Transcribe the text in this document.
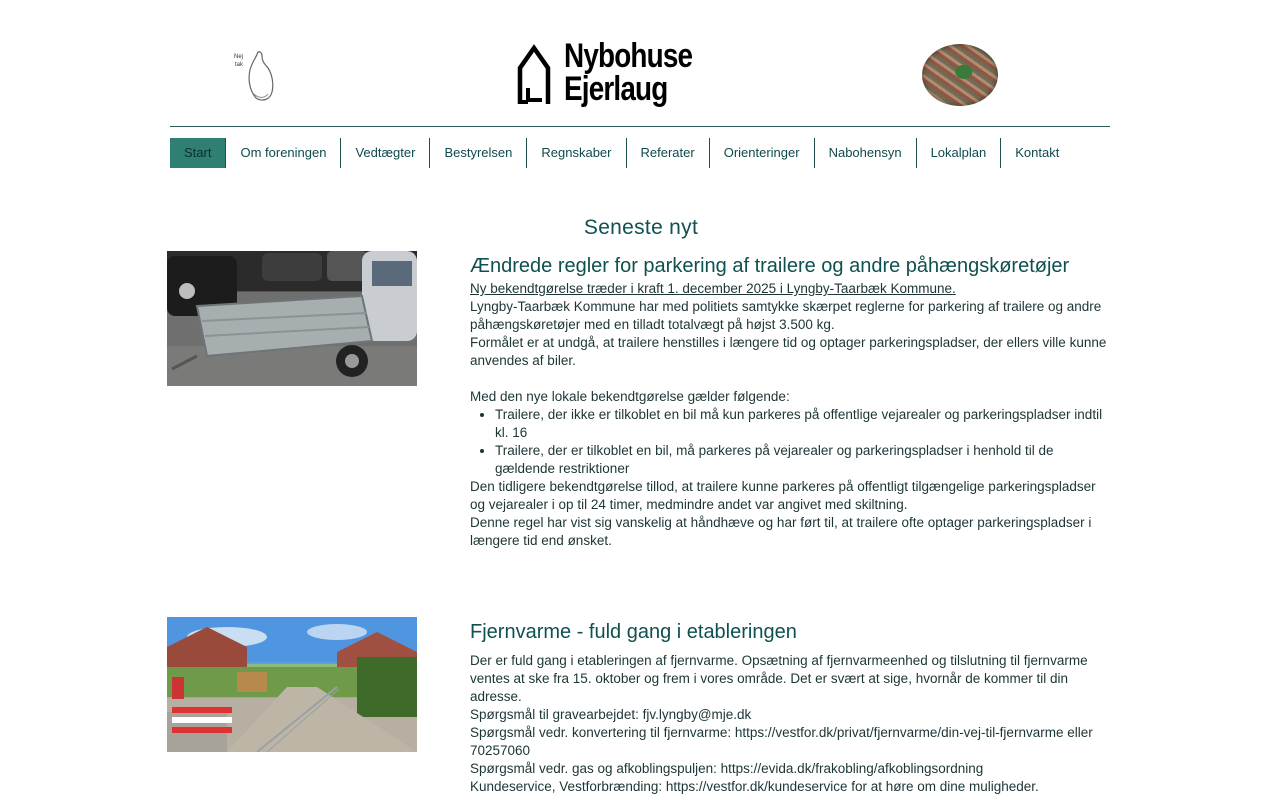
Nej
tak	Nybohuse
Ejerlaug
Start	Om foreningen	Vedtægter	Bestyrelsen	Regnskaber	Referater	Orienteringer	Nabohensyn	Lokalplan	Kontakt
Seneste nyt
Ændrede regler for parkering af trailere og andre påhængskøretøjer

Ny bekendtgørelse træder i kraft 1. december 2025 i Lyngby-Taarbæk Kommune.

Lyngby-Taarbæk Kommune har med politiets samtykke skærpet reglerne for parkering af trailere og andre påhængskøretøjer med en tilladt totalvægt på højst 3.500 kg.

Formålet er at undgå, at trailere henstilles i længere tid og optager parkeringspladser, der ellers ville kunne anvendes af biler.

Med den nye lokale bekendtgørelse gælder følgende:

• Trailere, der ikke er tilkoblet en bil må kun parkeres på offentlige vejarealer og parkeringspladser indtil kl. 16
• Trailere, der er tilkoblet en bil, må parkeres på vejarealer og parkeringspladser i henhold til de gældende restriktioner

Den tidligere bekendtgørelse tillod, at trailere kunne parkeres på offentligt tilgængelige parkeringspladser og vejarealer i op til 24 timer, medmindre andet var angivet med skiltning.

Denne regel har vist sig vanskelig at håndhæve og har ført til, at trailere ofte optager parkeringspladser i længere tid end ønsket.

Fjernvarme - fuld gang i etableringen

Der er fuld gang i etableringen af fjernvarme. Opsætning af fjernvarmeenhed og tilslutning til fjernvarme ventes at ske fra 15. oktober og frem i vores område. Det er svært at sige, hvornår de kommer til din adresse.

Spørgsmål til gravearbejdet: fjv.lyngby@mje.dk

Spørgsmål vedr. konvertering til fjernvarme: https://vestfor.dk/privat/fjernvarme/din-vej-til-fjernvarme eller 70257060

Spørgsmål vedr. gas og afkoblingspuljen: https://evida.dk/frakobling/afkoblingsordning

Kundeservice, Vestforbrænding: https://vestfor.dk/kundeservice for at høre om dine muligheder.
